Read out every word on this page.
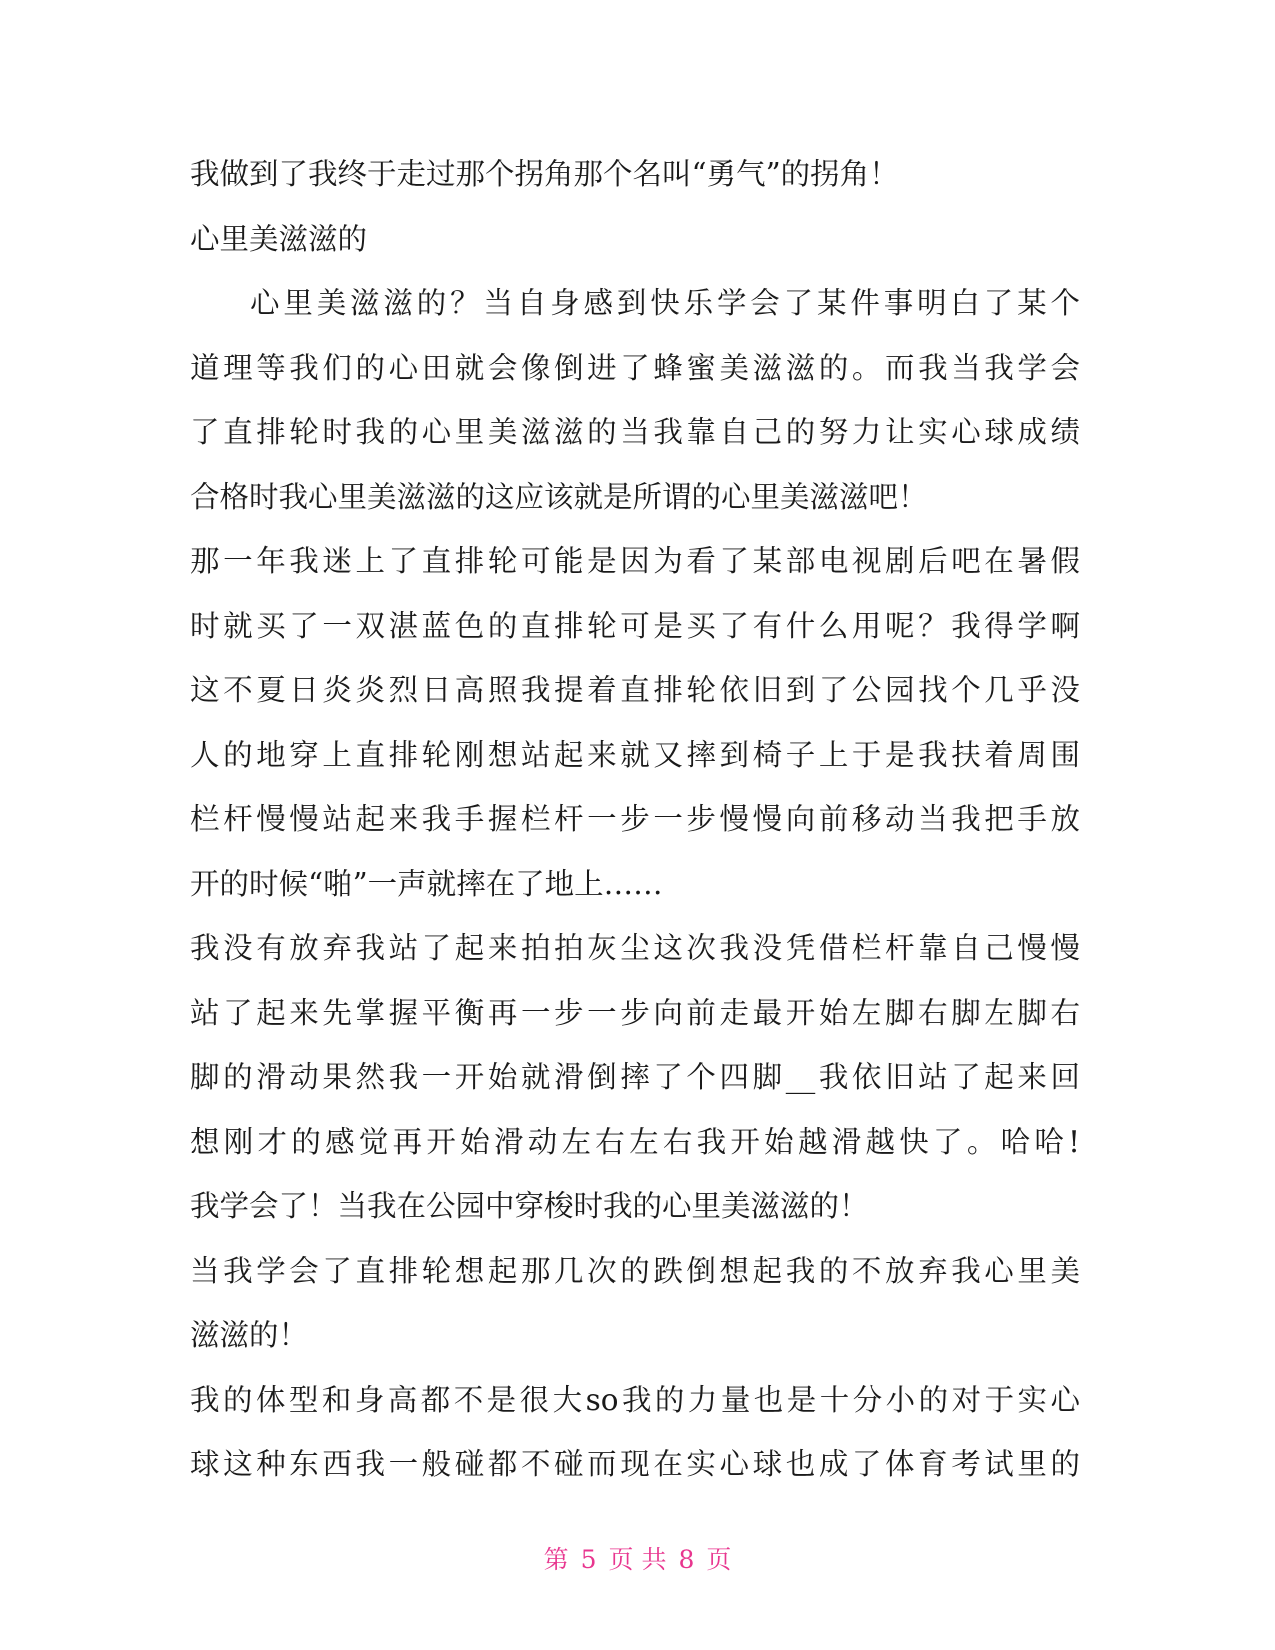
我做到了我终于走过那个拐角那个名叫“勇气”的拐角！
心里美滋滋的
心里美滋滋的？当自身感到快乐学会了某件事明白了某个
道理等我们的心田就会像倒进了蜂蜜美滋滋的。而我当我学会
了直排轮时我的心里美滋滋的当我靠自己的努力让实心球成绩
合格时我心里美滋滋的这应该就是所谓的心里美滋滋吧！
那一年我迷上了直排轮可能是因为看了某部电视剧后吧在暑假
时就买了一双湛蓝色的直排轮可是买了有什么用呢？我得学啊
这不夏日炎炎烈日高照我提着直排轮依旧到了公园找个几乎没
人的地穿上直排轮刚想站起来就又摔到椅子上于是我扶着周围
栏杆慢慢站起来我手握栏杆一步一步慢慢向前移动当我把手放
开的时候“啪”一声就摔在了地上……
我没有放弃我站了起来拍拍灰尘这次我没凭借栏杆靠自己慢慢
站了起来先掌握平衡再一步一步向前走最开始左脚右脚左脚右
脚的滑动果然我一开始就滑倒摔了个四脚__我依旧站了起来回
想刚才的感觉再开始滑动左右左右我开始越滑越快了。哈哈!
我学会了！当我在公园中穿梭时我的心里美滋滋的！
当我学会了直排轮想起那几次的跌倒想起我的不放弃我心里美
滋滋的！
我的体型和身高都不是很大so我的力量也是十分小的对于实心
球这种东西我一般碰都不碰而现在实心球也成了体育考试里的
第 5 页 共 8 页
